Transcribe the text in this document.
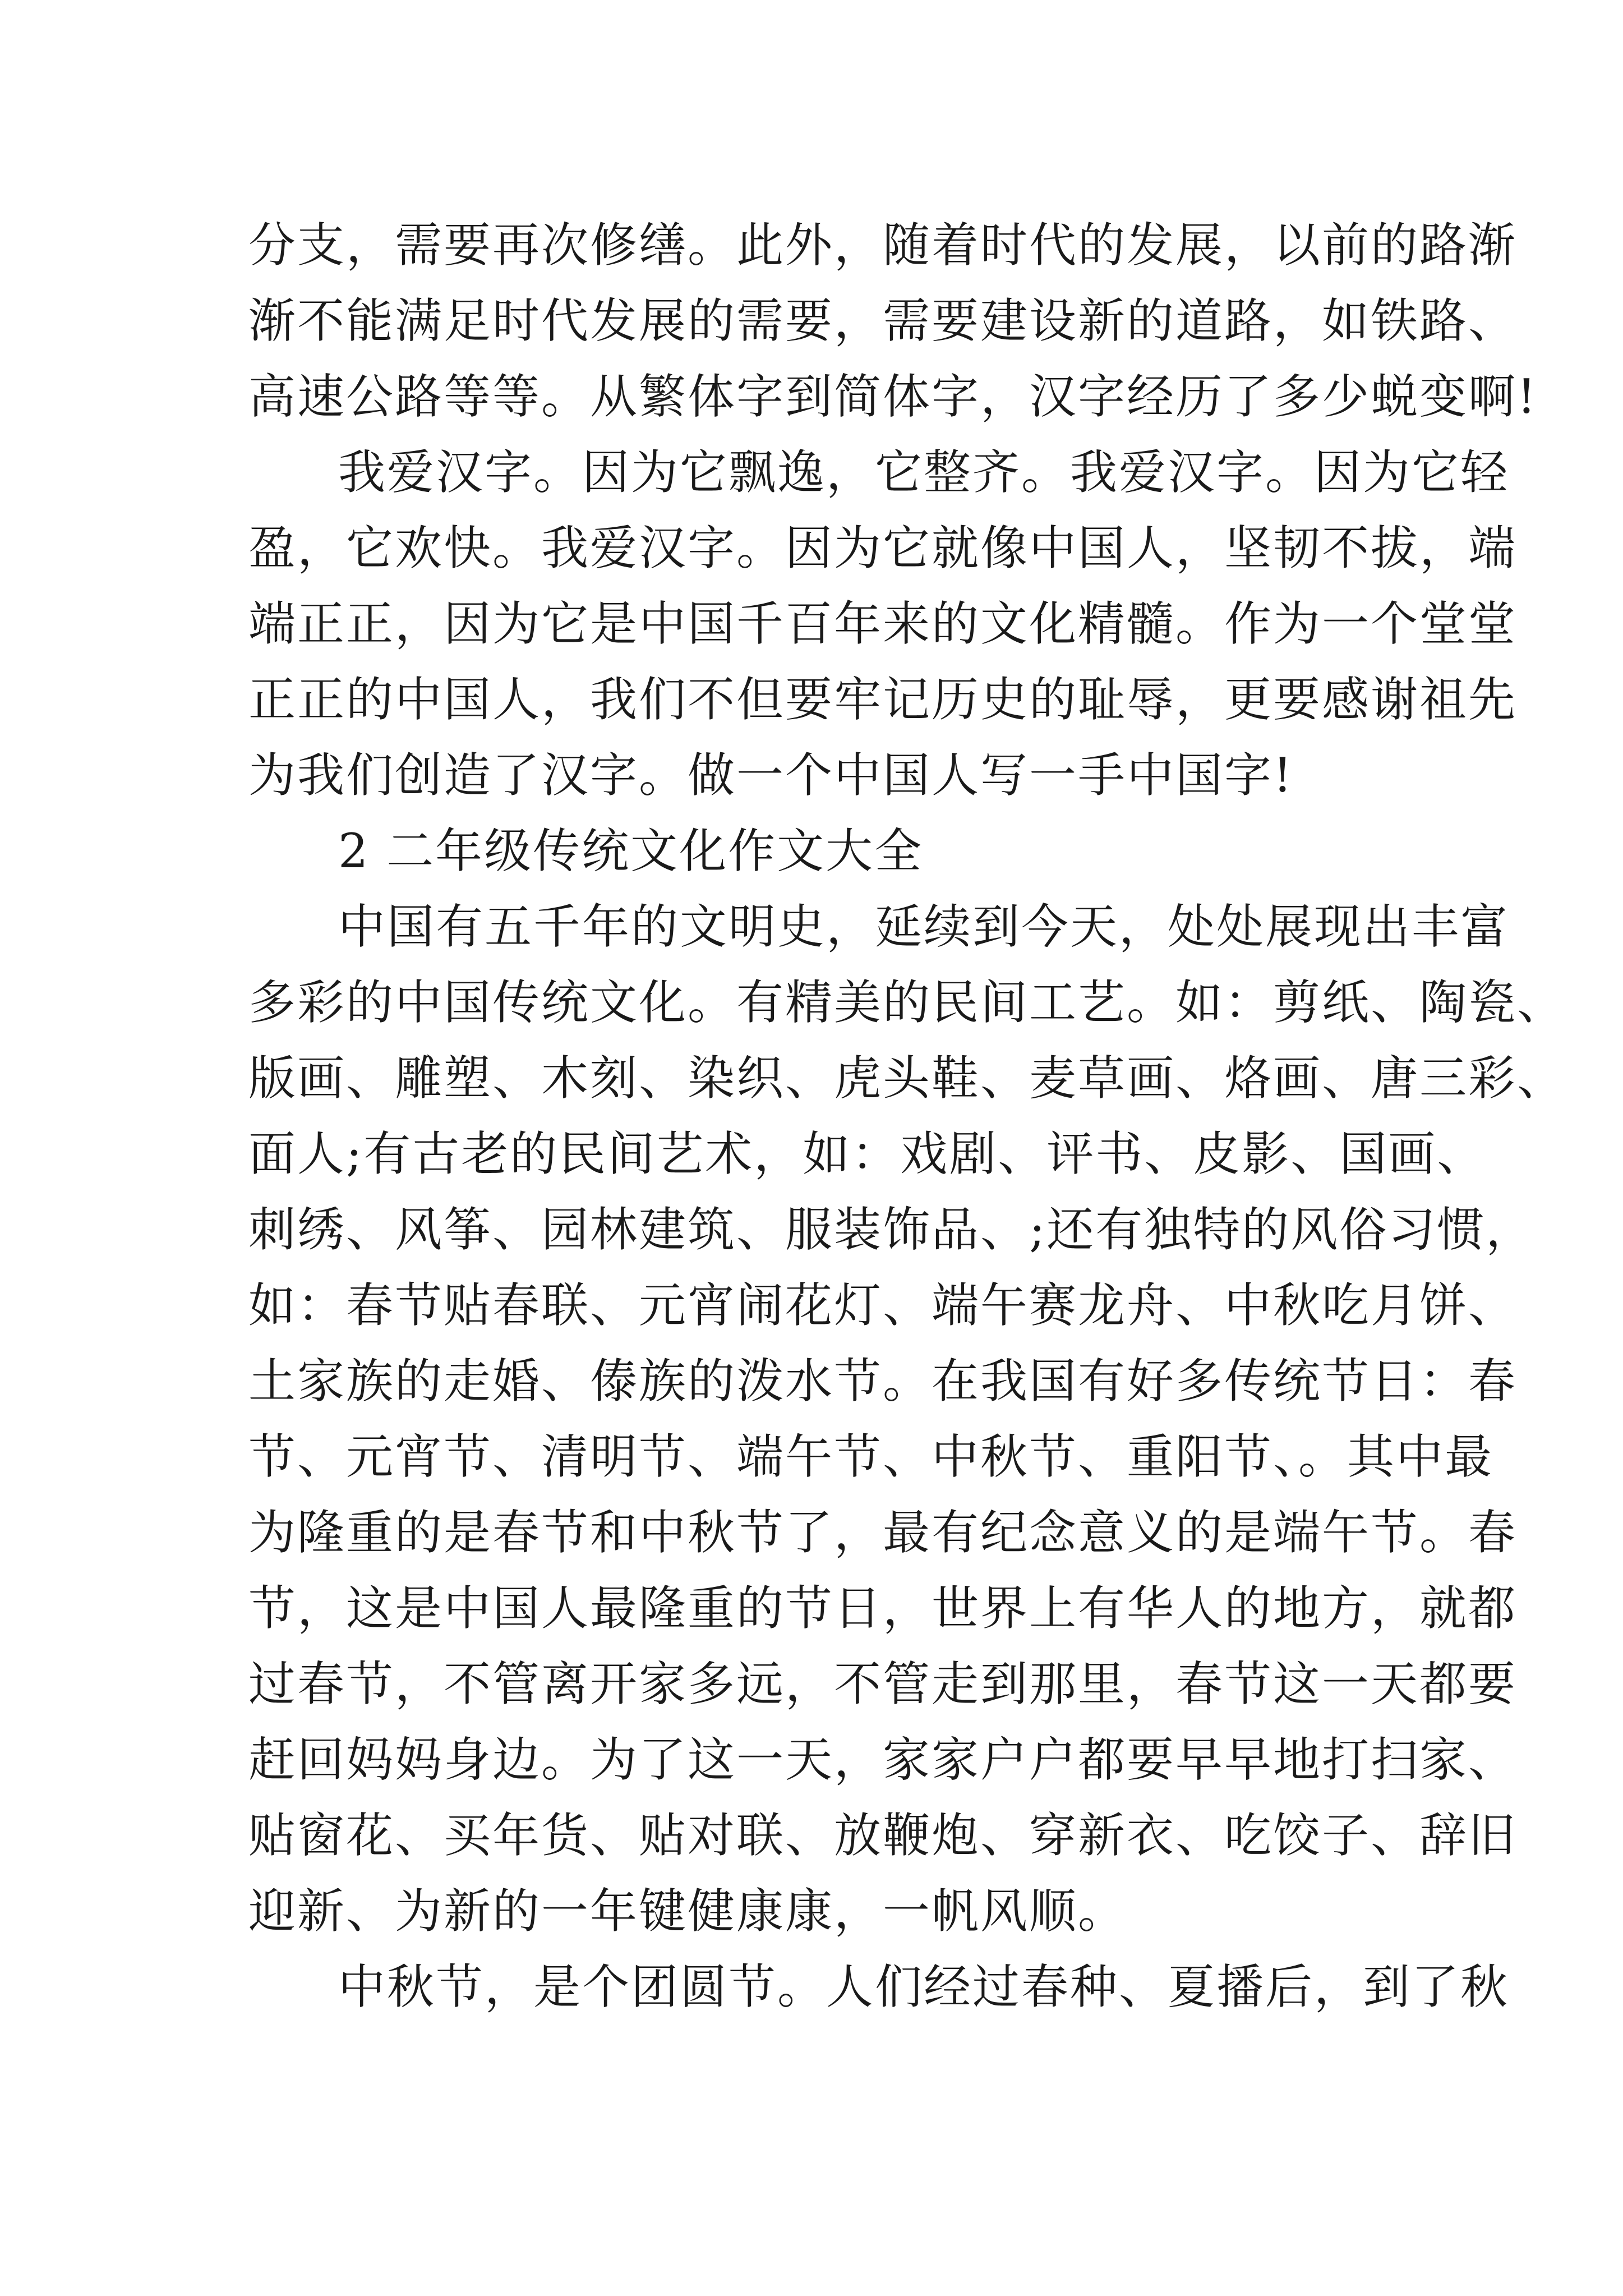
分支，需要再次修缮。此外，随着时代的发展，以前的路渐
渐不能满足时代发展的需要，需要建设新的道路，如铁路、
高速公路等等。从繁体字到简体字，汉字经历了多少蜕变啊!
我爱汉字。因为它飘逸，它整齐。我爱汉字。因为它轻
盈，它欢快。我爱汉字。因为它就像中国人，坚韧不拔，端
端正正，因为它是中国千百年来的文化精髓。作为一个堂堂
正正的中国人，我们不但要牢记历史的耻辱，更要感谢祖先
为我们创造了汉字。做一个中国人写一手中国字!
2 二年级传统文化作文大全
中国有五千年的文明史，延续到今天，处处展现出丰富
多彩的中国传统文化。有精美的民间工艺。如：剪纸、陶瓷、
版画、雕塑、木刻、染织、虎头鞋、麦草画、烙画、唐三彩、
面人;有古老的民间艺术，如：戏剧、评书、皮影、国画、
刺绣、风筝、园林建筑、服装饰品、;还有独特的风俗习惯，
如：春节贴春联、元宵闹花灯、端午赛龙舟、中秋吃月饼、
土家族的走婚、傣族的泼水节。在我国有好多传统节日：春
节、元宵节、清明节、端午节、中秋节、重阳节、。其中最
为隆重的是春节和中秋节了，最有纪念意义的是端午节。春
节，这是中国人最隆重的节日，世界上有华人的地方，就都
过春节，不管离开家多远，不管走到那里，春节这一天都要
赶回妈妈身边。为了这一天，家家户户都要早早地打扫家、
贴窗花、买年货、贴对联、放鞭炮、穿新衣、吃饺子、辞旧
迎新、为新的一年键健康康，一帆风顺。
中秋节，是个团圆节。人们经过春种、夏播后，到了秋
